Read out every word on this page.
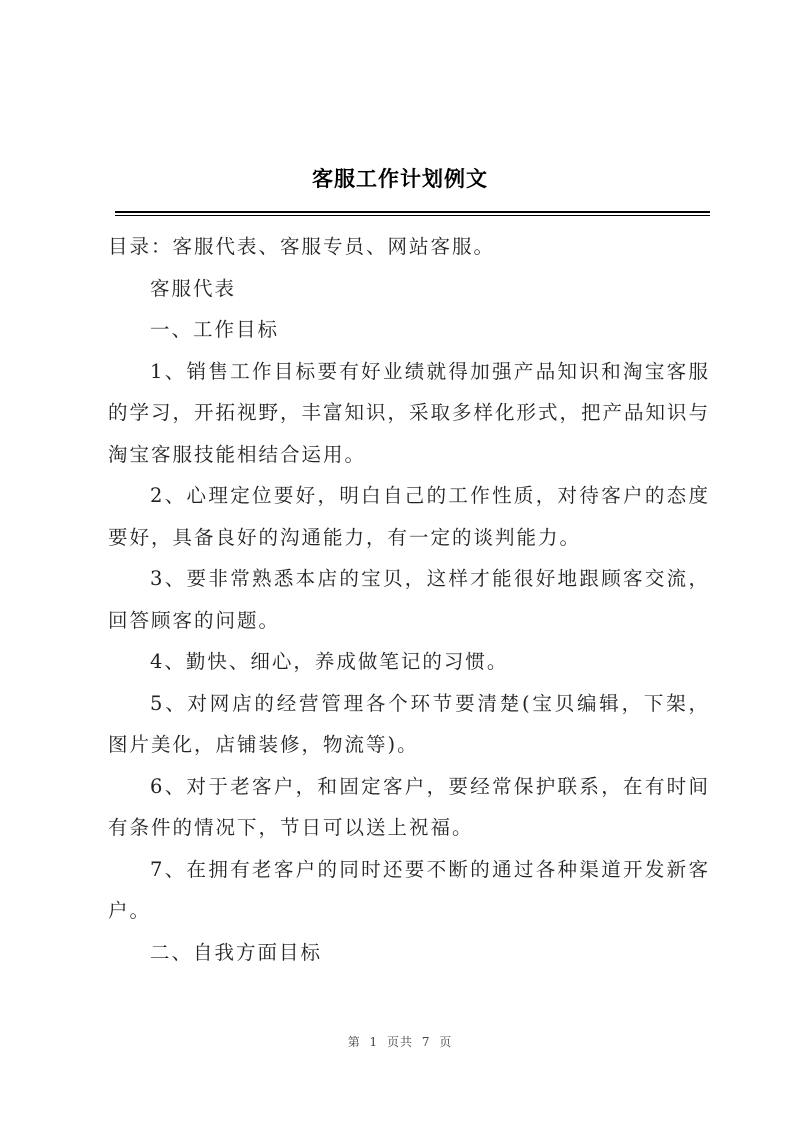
客服工作计划例文

目录：客服代表、客服专员、网站客服。

客服代表

一、工作目标

1、销售工作目标要有好业绩就得加强产品知识和淘宝客服的学习，开拓视野，丰富知识，采取多样化形式，把产品知识与淘宝客服技能相结合运用。

2、心理定位要好，明白自己的工作性质，对待客户的态度要好，具备良好的沟通能力，有一定的谈判能力。

3、要非常熟悉本店的宝贝，这样才能很好地跟顾客交流，回答顾客的问题。

4、勤快、细心，养成做笔记的习惯。

5、对网店的经营管理各个环节要清楚(宝贝编辑，下架，图片美化，店铺装修，物流等)。

6、对于老客户，和固定客户，要经常保护联系，在有时间有条件的情况下，节日可以送上祝福。

7、在拥有老客户的同时还要不断的通过各种渠道开发新客户。

二、自我方面目标

第 1 页共 7 页
